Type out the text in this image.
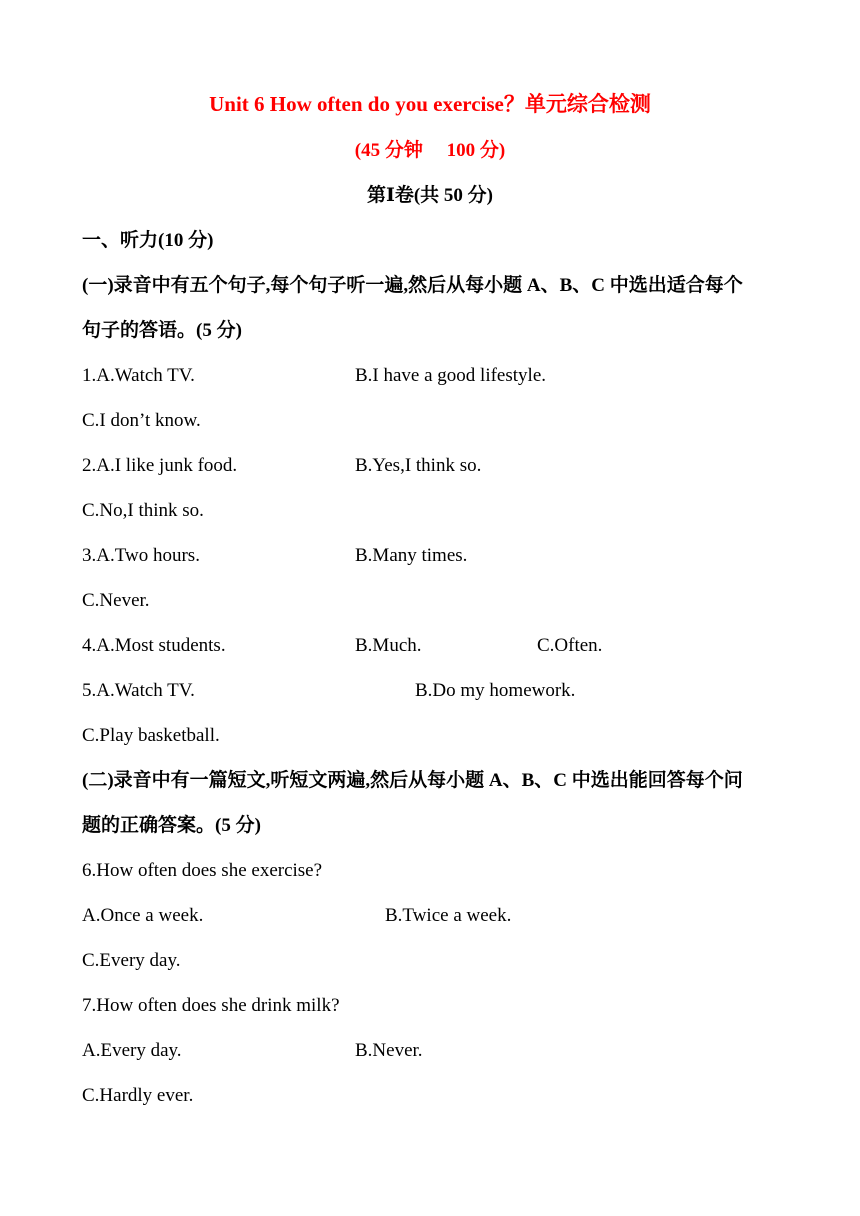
Unit 6 How often do you exercise？单元综合检测
(45 分钟　 100 分)
第Ⅰ卷(共 50 分)
一、听力(10 分)
(一)录音中有五个句子,每个句子听一遍,然后从每小题 A、B、C 中选出适合每个
句子的答语。(5 分)
1.A.Watch TV.	B.I have a good lifestyle.
C.I don’t know.
2.A.I like junk food.	B.Yes,I think so.
C.No,I think so.
3.A.Two hours.	B.Many times.
C.Never.
4.A.Most students.	B.Much.	C.Often.
5.A.Watch TV.	B.Do my homework.
C.Play basketball.
(二)录音中有一篇短文,听短文两遍,然后从每小题 A、B、C 中选出能回答每个问
题的正确答案。(5 分)
6.How often does she exercise?
A.Once a week.	B.Twice a week.
C.Every day.
7.How often does she drink milk?
A.Every day.	B.Never.
C.Hardly ever.
